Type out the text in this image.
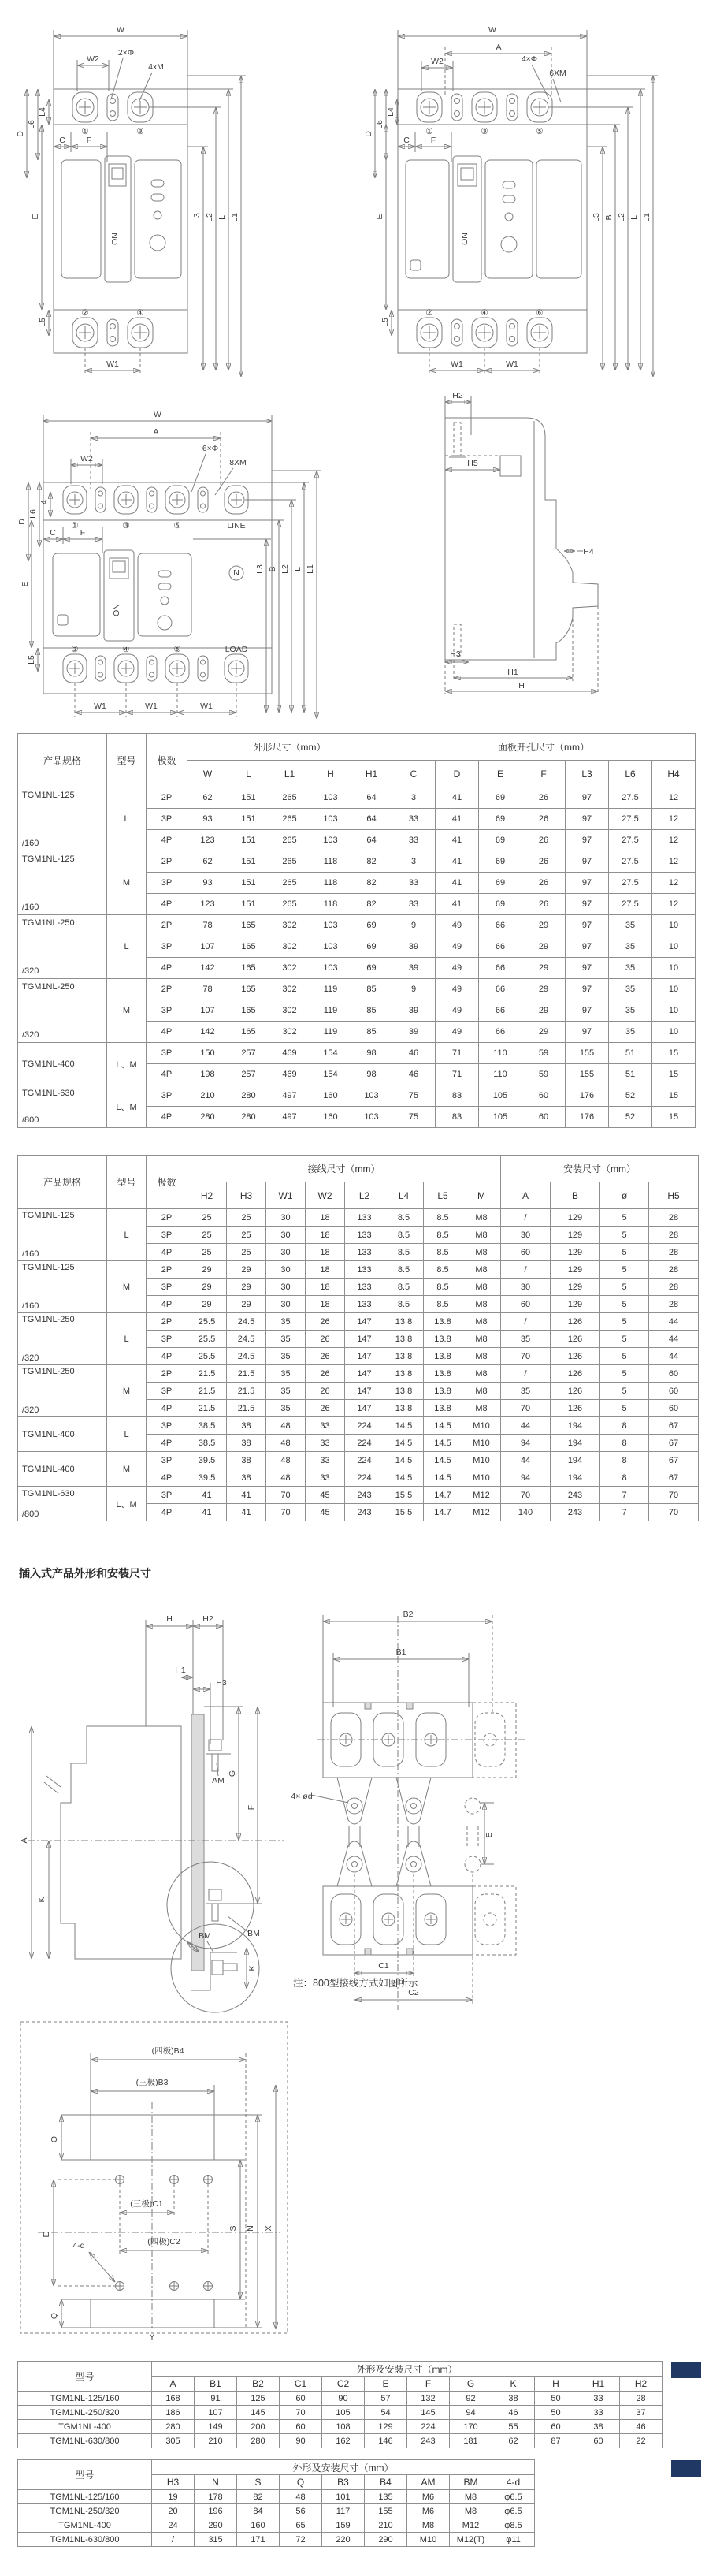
W
W2
2×Φ
4xM
D
L6
L4
C	F
①	③
ON
E
②	④
L5
W1
L3 L2 L L1
W
A
W2	4×Φ
6XM
D
L6
L4
C	F
①	③	⑤
ON
E
②	④	⑥
L5
W1	W1
L3 B L2 L L1
W
A
W2
6×Φ
8XM
D
L6
L4
C	F
①	③	⑤	LINE
ON
N
E
②	④	⑥	LOAD
L5
W1	W1	W1
L3 B L2 L L1
H2
H5
H4
H3
H1
H
产品规格	型号	极数	外形尺寸（mm）					面板开孔尺寸（mm）						
			W	L	L1	H	H1	C	D	E	F	L3	L6	H4

TGM1NL-125
/160	L	2P	62	151	265	103	64	3	41	69	26	97	27.5	12
		3P	93	151	265	103	64	33	41	69	26	97	27.5	12
		4P	123	151	265	103	64	33	41	69	26	97	27.5	12

TGM1NL-125
/160	M	2P	62	151	265	118	82	3	41	69	26	97	27.5	12
		3P	93	151	265	118	82	33	41	69	26	97	27.5	12
		4P	123	151	265	118	82	33	41	69	26	97	27.5	12

TGM1NL-250
/320	L	2P	78	165	302	103	69	9	49	66	29	97	35	10
		3P	107	165	302	103	69	39	49	66	29	97	35	10
		4P	142	165	302	103	69	39	49	66	29	97	35	10

TGM1NL-250
/320	M	2P	78	165	302	119	85	9	49	66	29	97	35	10
		3P	107	165	302	119	85	39	49	66	29	97	35	10
		4P	142	165	302	119	85	39	49	66	29	97	35	10

TGM1NL-400	L、M	3P	150	257	469	154	98	46	71	110	59	155	51	15
		4P	198	257	469	154	98	46	71	110	59	155	51	15

TGM1NL-630
/800	L、M	3P	210	280	497	160	103	75	83	105	60	176	52	15
		4P	280	280	497	160	103	75	83	105	60	176	52	15
产品规格	型号	极数	接线尺寸（mm）								安装尺寸（mm）			
			H2	H3	W1	W2	L2	L4	L5	M	A	B	ø	H5

TGM1NL-125
/160	L	2P	25	25	30	18	133	8.5	8.5	M8	/	129	5	28
		3P	25	25	30	18	133	8.5	8.5	M8	30	129	5	28
		4P	25	25	30	18	133	8.5	8.5	M8	60	129	5	28

TGM1NL-125
/160	M	2P	29	29	30	18	133	8.5	8.5	M8	/	129	5	28
		3P	29	29	30	18	133	8.5	8.5	M8	30	129	5	28
		4P	29	29	30	18	133	8.5	8.5	M8	60	129	5	28

TGM1NL-250
/320	L	2P	25.5	24.5	35	26	147	13.8	13.8	M8	/	126	5	44
		3P	25.5	24.5	35	26	147	13.8	13.8	M8	35	126	5	44
		4P	25.5	24.5	35	26	147	13.8	13.8	M8	70	126	5	44

TGM1NL-250
/320	M	2P	21.5	21.5	35	26	147	13.8	13.8	M8	/	126	5	60
		3P	21.5	21.5	35	26	147	13.8	13.8	M8	35	126	5	60
		4P	21.5	21.5	35	26	147	13.8	13.8	M8	70	126	5	60

TGM1NL-400	L	3P	38.5	38	48	33	224	14.5	14.5	M10	44	194	8	67
		4P	38.5	38	48	33	224	14.5	14.5	M10	94	194	8	67

TGM1NL-400	M	3P	39.5	38	48	33	224	14.5	14.5	M10	44	194	8	67
		4P	39.5	38	48	33	224	14.5	14.5	M10	94	194	8	67

TGM1NL-630
/800	L、M	3P	41	41	70	45	243	15.5	14.7	M12	70	243	7	70
		4P	41	41	70	45	243	15.5	14.7	M12	140	243	7	70
插入式产品外形和安装尺寸
H	H2
H1
H3
A
K
AM
G
F
BM
BM
K
B2
B1
4× ød
E
C1
C2
注：800型接线方式如图所示
(四极)B4
(三极)B3
Q
(三极)C1
E
(四极)C2
4-d
Q
S N X
Y
型号	外形及安装尺寸（mm）											
	A	B1	B2	C1	C2	E	F	G	K	H	H1	H2
TGM1NL-125/160	168	91	125	60	90	57	132	92	38	50	33	28
TGM1NL-250/320	186	107	145	70	105	54	145	94	46	50	33	37
TGM1NL-400	280	149	200	60	108	129	224	170	55	60	38	46
TGM1NL-630/800	305	210	280	90	162	146	243	181	62	87	60	22
型号	外形及安装尺寸（mm）								
	H3	N	S	Q	B3	B4	AM	BM	4-d
TGM1NL-125/160	19	178	82	48	101	135	M6	M8	φ6.5
TGM1NL-250/320	20	196	84	56	117	155	M6	M8	φ6.5
TGM1NL-400	24	290	160	65	159	210	M8	M12	φ8.5
TGM1NL-630/800	/	315	171	72	220	290	M10	M12(T)	φ11
